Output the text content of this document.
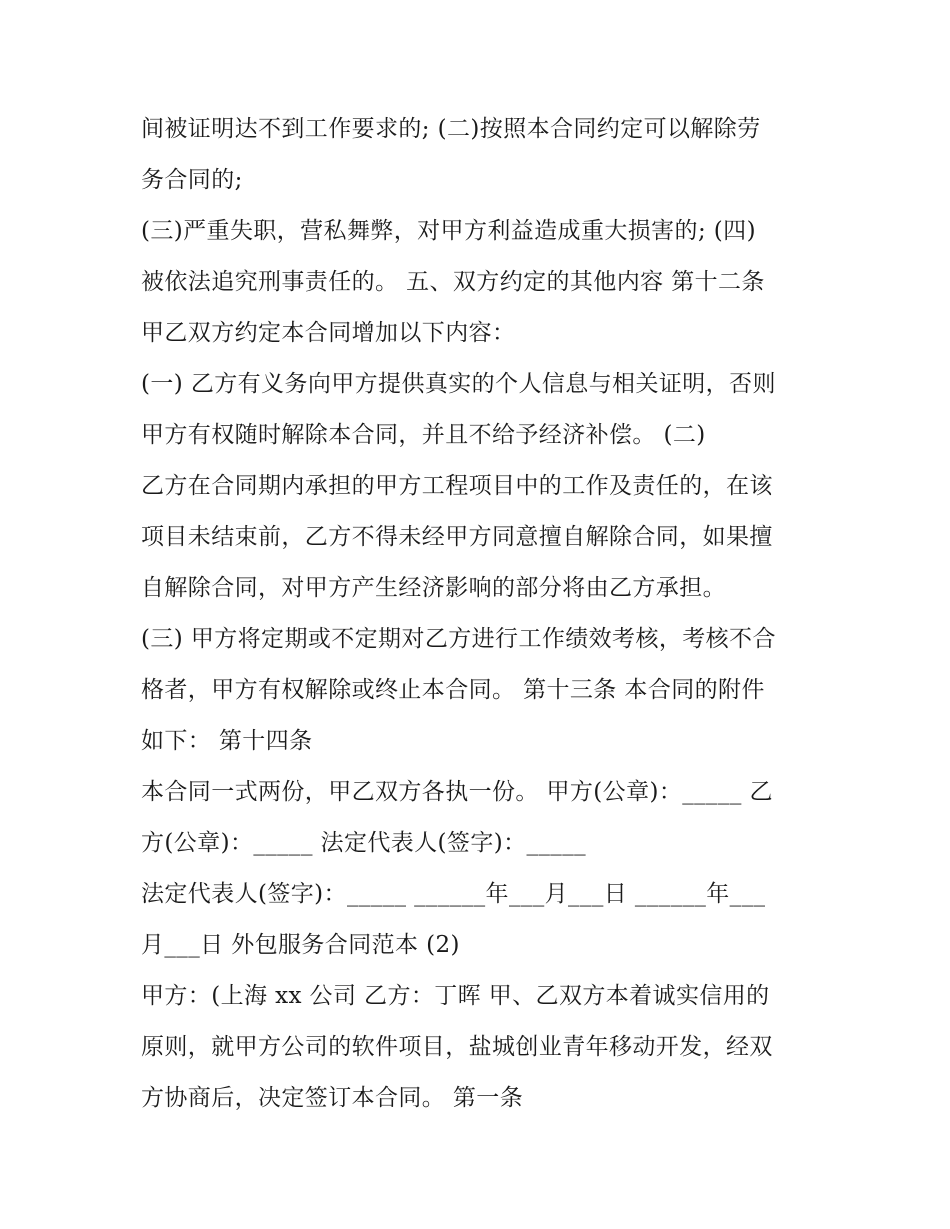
间被证明达不到工作要求的; (二)按照本合同约定可以解除劳
务合同的;
(三)严重失职，营私舞弊，对甲方利益造成重大损害的; (四)
被依法追究刑事责任的。 五、双方约定的其他内容 第十二条
甲乙双方约定本合同增加以下内容：
(一) 乙方有义务向甲方提供真实的个人信息与相关证明，否则
甲方有权随时解除本合同，并且不给予经济补偿。 (二)
乙方在合同期内承担的甲方工程项目中的工作及责任的，在该
项目未结束前，乙方不得未经甲方同意擅自解除合同，如果擅
自解除合同，对甲方产生经济影响的部分将由乙方承担。
(三) 甲方将定期或不定期对乙方进行工作绩效考核，考核不合
格者，甲方有权解除或终止本合同。 第十三条 本合同的附件
如下： 第十四条
本合同一式两份，甲乙双方各执一份。 甲方(公章)：_____ 乙
方(公章)：_____ 法定代表人(签字)：_____
法定代表人(签字)：_____ ______年___月___日 ______年___
月___日 外包服务合同范本 (2)
甲方：(上海 xx 公司 乙方：丁晖 甲、乙双方本着诚实信用的
原则，就甲方公司的软件项目，盐城创业青年移动开发，经双
方协商后，决定签订本合同。 第一条
